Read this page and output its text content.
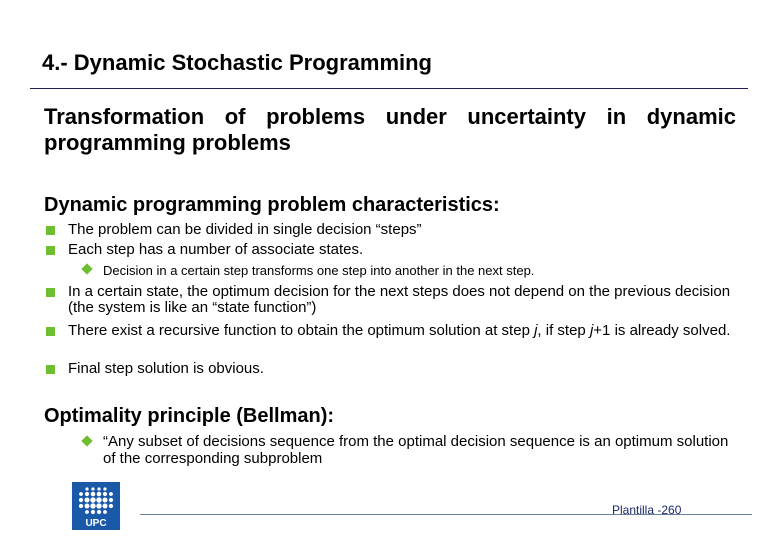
4.- Dynamic Stochastic Programming
Transformation of problems under uncertainty in dynamic programming problems
Dynamic programming problem characteristics:
The problem can be divided in single decision “steps”
Each step has a number of associate states.
Decision in a certain step transforms one step into another in the next step.
In a certain state, the optimum decision for the next steps does not depend on the previous decision (the system is like an “state function”)
There exist a recursive function to obtain the optimum solution at step j, if step j+1 is already solved.
Final step solution is obvious.
Optimality principle (Bellman):
“Any subset of decisions sequence from the optimal decision sequence is an optimum solution of the corresponding subproblem
UPC
Plantilla -260
